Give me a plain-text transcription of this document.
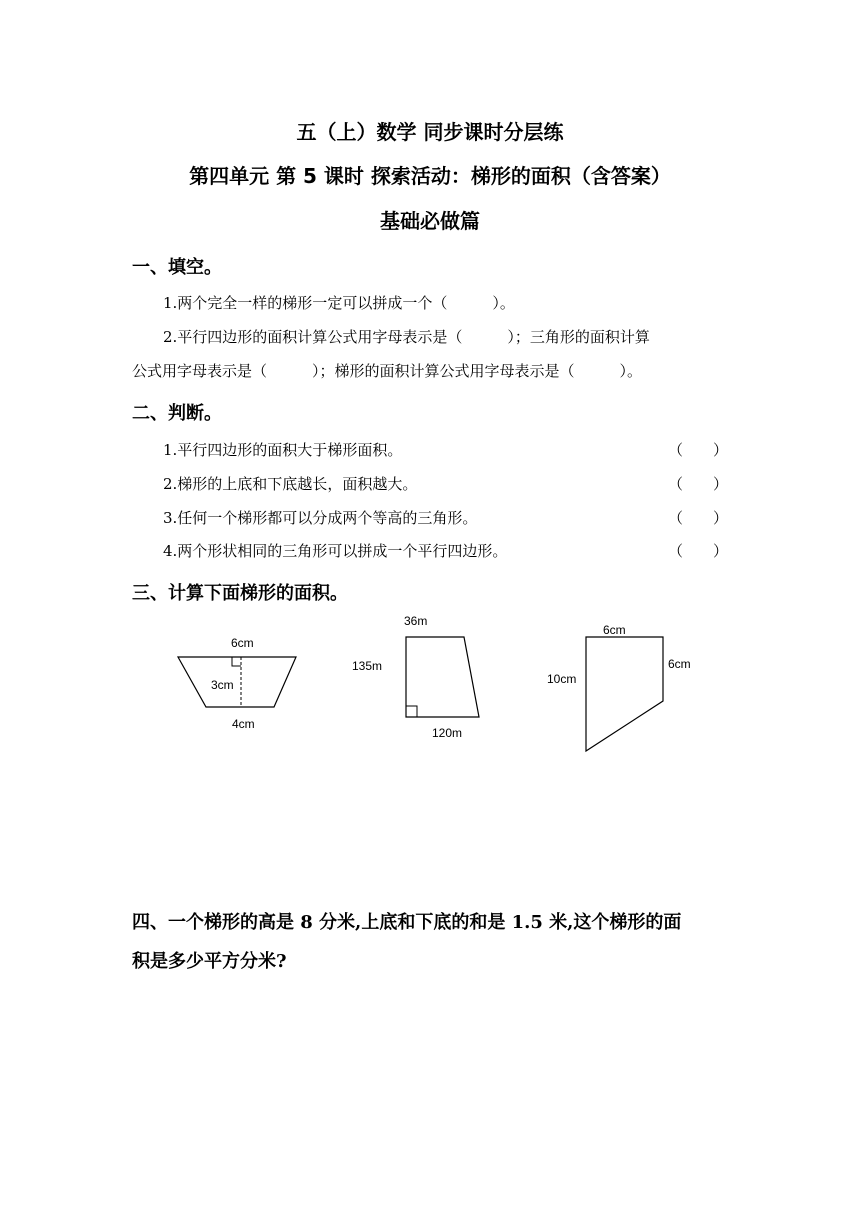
五（上）数学 同步课时分层练
第四单元 第 5 课时 探索活动：梯形的面积（含答案）
基础必做篇
一、填空。
1.两个完全一样的梯形一定可以拼成一个（　　　）。
2.平行四边形的面积计算公式用字母表示是（　　　）；三角形的面积计算
公式用字母表示是（　　　）；梯形的面积计算公式用字母表示是（　　　）。
二、判断。
1.平行四边形的面积大于梯形面积。	（　　）
2.梯形的上底和下底越长，面积越大。	（　　）
3.任何一个梯形都可以分成两个等高的三角形。	（　　）
4.两个形状相同的三角形可以拼成一个平行四边形。	（　　）
三、计算下面梯形的面积。
6cm
3cm
4cm
36m
135m
120m
6cm
10cm
6cm
四、一个梯形的高是 8 分米,上底和下底的和是 1.5 米,这个梯形的面
积是多少平方分米?
